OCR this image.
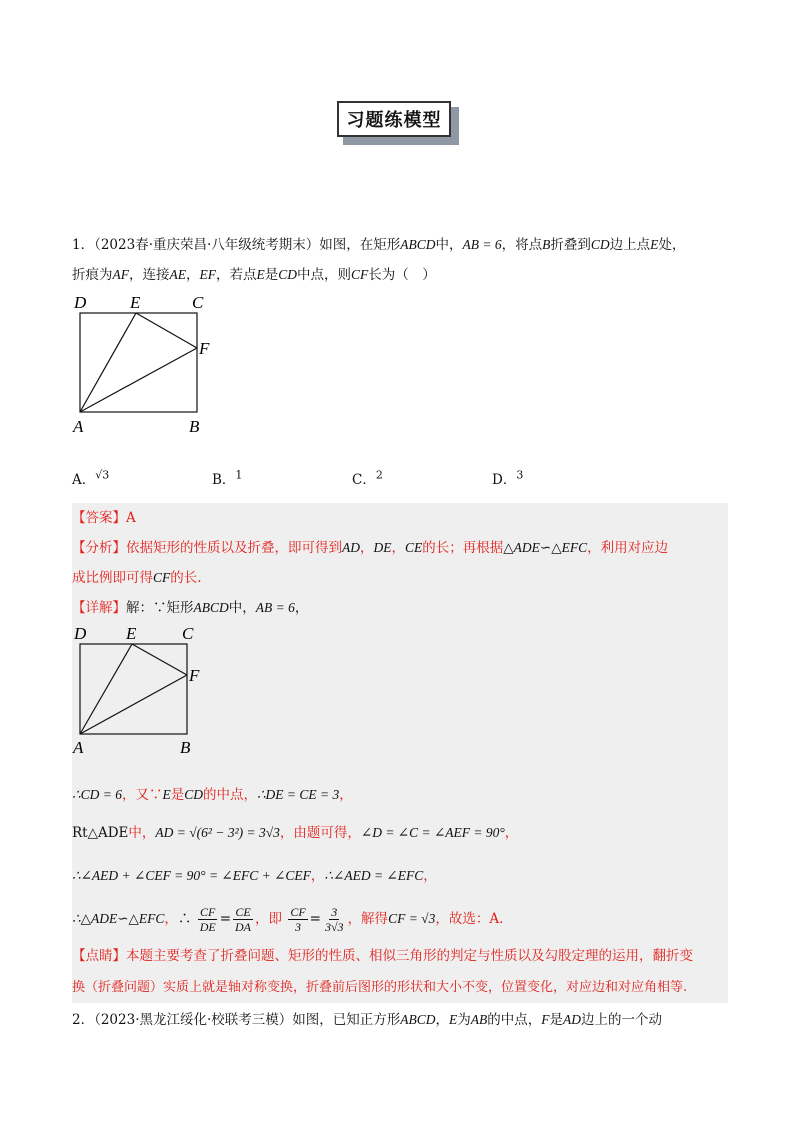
习题练模型
1．（2023春·重庆荣昌·八年级统考期末）如图，在矩形ABCD中，AB = 6，将点B折叠到CD边上点E处，
折痕为AF，连接AE，EF，若点E是CD中点，则CF长为（　）
D	E	C
F
A	B
A．$^{√3}$	B．$^1$	C．$^2$	D．$^3$
【答案】A
【分析】依据矩形的性质以及折叠，即可得到AD，DE，CE的长；再根据△ADE∽△EFC，利用对应边
成比例即可得CF的长.
【详解】解：∵矩形ABCD中，AB = 6，
D E	C
F
A	B
∴CD = 6，又∵E是CD的中点，∴DE = CE = 3，
Rt△ADE中，AD = √(6² − 3²) = 3√3，由题可得，∠D = ∠C = ∠AEF = 90°，
∴∠AED + ∠CEF = 90° = ∠EFC + ∠CEF，∴∠AED = ∠EFC，
∴△ADE∽△EFC，∴ $\frac{CF}{DE} = \frac{CE}{DA}$ ，即 $\frac{CF}{3} = \frac{3}{3√3}$ ，解得CF = √3，故选：A.
【点睛】本题主要考查了折叠问题、矩形的性质、相似三角形的判定与性质以及勾股定理的运用，翻折变
换（折叠问题）实质上就是轴对称变换，折叠前后图形的形状和大小不变，位置变化，对应边和对应角相等.
2．（2023·黑龙江绥化·校联考三模）如图，已知正方形ABCD，E为AB的中点，F是AD边上的一个动
